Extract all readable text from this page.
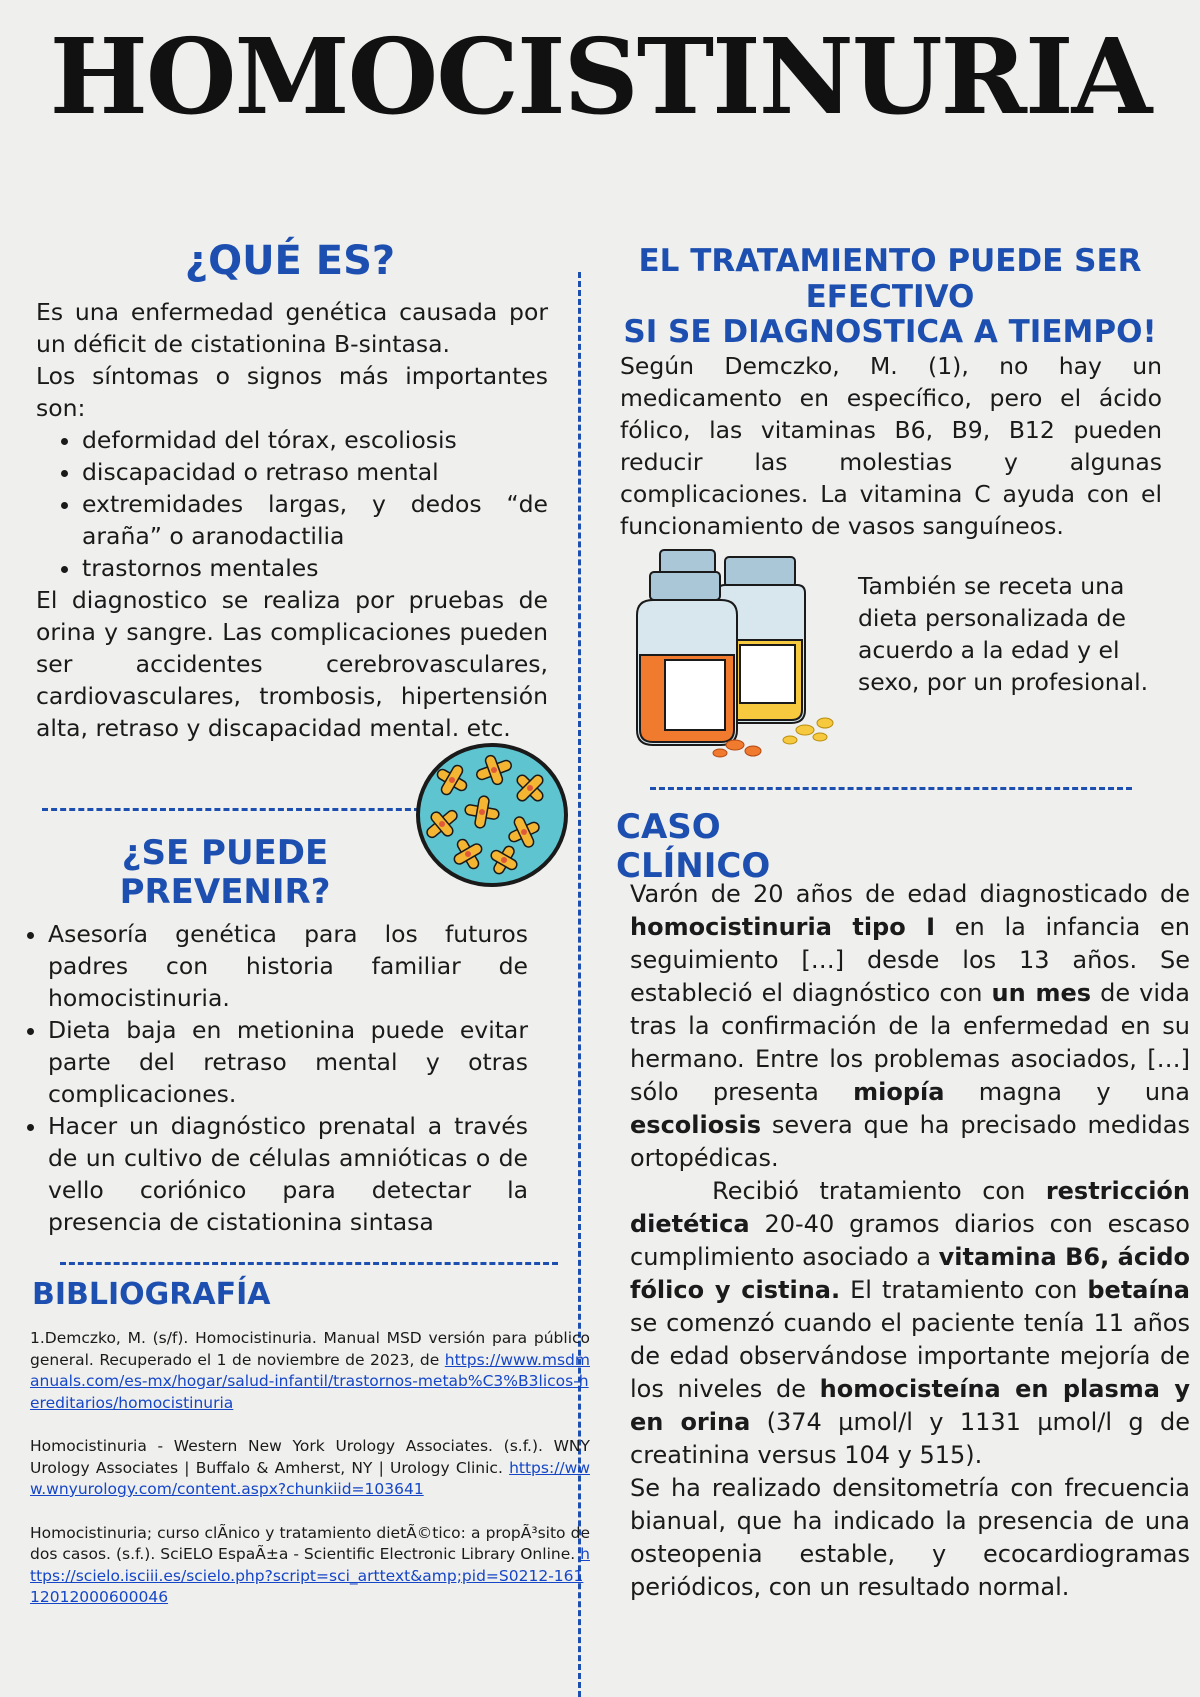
HOMOCISTINURIA
¿QUÉ ES?

Es una enfermedad genética causada por un déficit de cistationina B-sintasa.

Los síntomas o signos más importantes son:

• deformidad del tórax, escoliosis
• discapacidad o retraso mental
• extremidades largas, y dedos “de araña” o aranodactilia
• trastornos mentales

El diagnostico se realiza por pruebas de orina y sangre. Las complicaciones pueden ser accidentes cerebrovasculares, cardiovasculares, trombosis, hipertensión alta, retraso y discapacidad mental. etc.

¿SE PUEDE PREVENIR?
• Asesoría genética para los futuros padres con historia familiar de homocistinuria.
• Dieta baja en metionina puede evitar parte del retraso mental y otras complicaciones.
• Hacer un diagnóstico prenatal a través de un cultivo de células amnióticas o de vello coriónico para detectar la presencia de cistationina sintasa
BIBLIOGRAFÍA

1.Demczko, M. (s/f). Homocistinuria. Manual MSD versión para público general. Recuperado el 1 de noviembre de 2023, de https://www.msdmanuals.com/es-mx/hogar/salud-infantil/trastornos-metab%C3%B3licos-hereditarios/homocistinuria

Homocistinuria - Western New York Urology Associates. (s.f.). WNY Urology Associates | Buffalo & Amherst, NY | Urology Clinic. https://www.wnyurology.com/content.aspx?chunkiid=103641

Homocistinuria; curso clÃnico y tratamiento dietÃ©tico: a propÃ³sito de dos casos. (s.f.). SciELO EspaÃ±a - Scientific Electronic Library Online. https://scielo.isciii.es/scielo.php?script=sci_arttext&amp;pid=S0212-16112012000600046

EL TRATAMIENTO PUEDE SER EFECTIVO
SI SE DIAGNOSTICA A TIEMPO!
Según Demczko, M. (1), no hay un medicamento en específico, pero el ácido fólico, las vitaminas B6, B9, B12 pueden reducir las molestias y algunas complicaciones. La vitamina C ayuda con el funcionamiento de vasos sanguíneos.
También se receta una dieta personalizada de acuerdo a la edad y el sexo, por un profesional.
CASO CLÍNICO

Varón de 20 años de edad diagnosticado de homocistinuria tipo I en la infancia en seguimiento […] desde los 13 años. Se estableció el diagnóstico con un mes de vida tras la confirmación de la enfermedad en su hermano. Entre los problemas asociados, […] sólo presenta miopía magna y una escoliosis severa que ha precisado medidas ortopédicas.

Recibió tratamiento con restricción dietética 20-40 gramos diarios con escaso cumplimiento asociado a vitamina B6, ácido fólico y cistina. El tratamiento con betaína se comenzó cuando el paciente tenía 11 años de edad observándose importante mejoría de los niveles de homocisteína en plasma y en orina (374 µmol/l y 1131 µmol/l g de creatinina versus 104 y 515).

Se ha realizado densitometría con frecuencia bianual, que ha indicado la presencia de una osteopenia estable, y ecocardiogramas periódicos, con un resultado normal.
